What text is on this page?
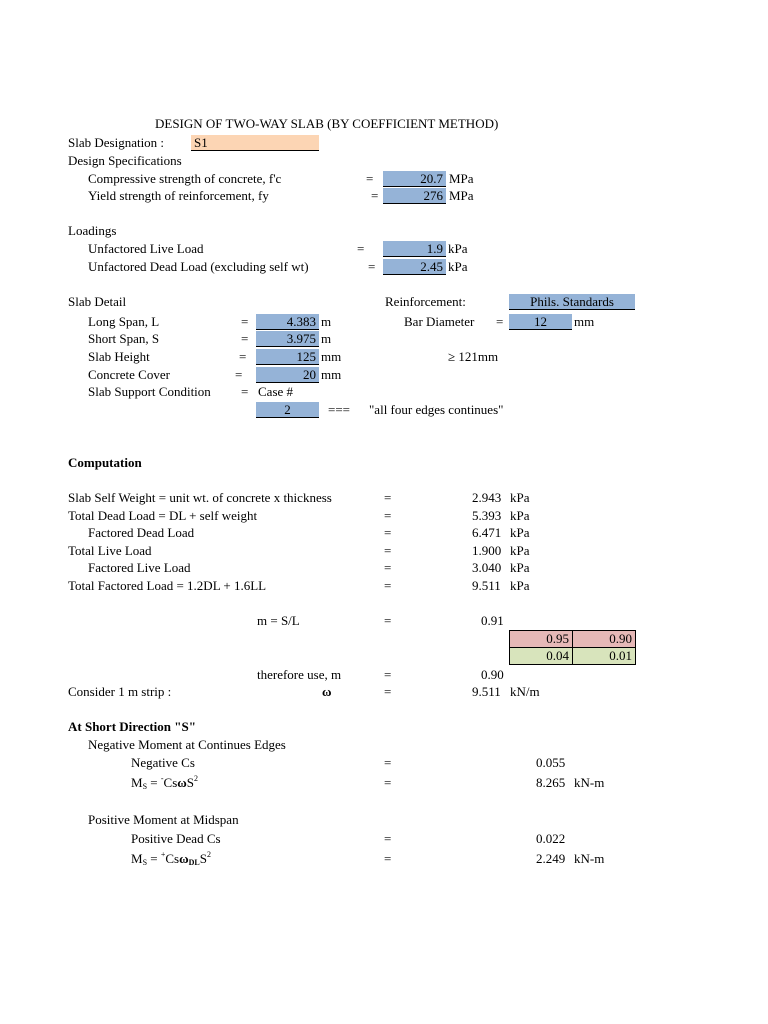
DESIGN OF TWO-WAY SLAB (BY COEFFICIENT METHOD)
Slab Designation : S1
Design Specifications
Compressive strength of concrete, f'c	=	20.7 MPa
Yield strength of reinforcement, fy	=	276 MPa
Loadings
Unfactored Live Load	=	1.9 kPa
Unfactored Dead Load (excluding self wt)	=	2.45 kPa
Slab Detail	Reinforcement:	Phils. Standards
Long Span, L	=	4.383 m	Bar Diameter =	12	mm
Short Span, S	=	3.975 m
Slab Height	=	125 mm	≥ 121mm
Concrete Cover	=	20 mm
Slab Support Condition = Case #
2	=== "all four edges continues"
Computation
Slab Self Weight = unit wt. of concrete x thickness	=	2.943 kPa
Total Dead Load = DL + self weight	=	5.393 kPa
Factored Dead Load	=	6.471 kPa
Total Live Load	=	1.900 kPa
Factored Live Load	=	3.040 kPa
Total Factored Load = 1.2DL + 1.6LL	=	9.511 kPa
m = S/L	=	0.91
0.95	0.90
0.04	0.01
therefore use, m	=	0.90
Consider 1 m strip :	ω	=	9.511 kN/m
At Short Direction "S"
Negative Moment at Continues Edges
Negative Cs	=	0.055
$M_S = ^-Cs\omega S^2$	=	8.265 kN-m
Positive Moment at Midspan
Positive Dead Cs	=	0.022
$M_S = ^+Cs\omega_{DL}S^2$	=	2.249 kN-m
